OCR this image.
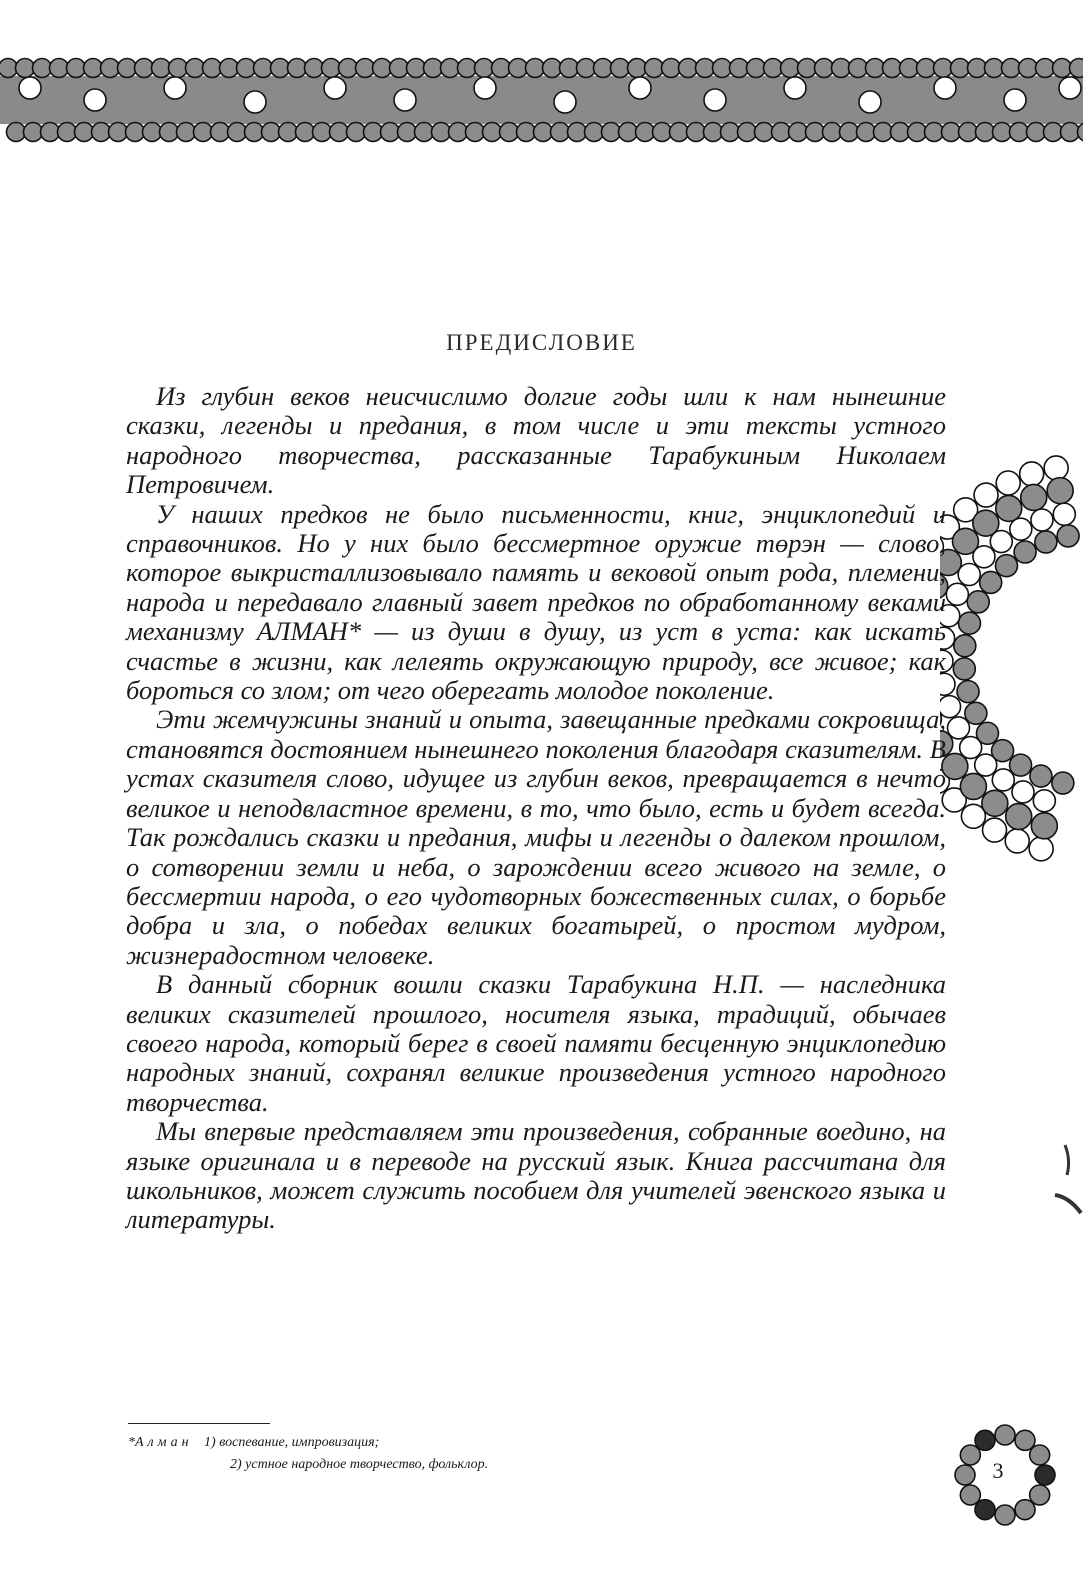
ПРЕДИСЛОВИЕ

Из глубин веков неисчислимо долгие годы шли к нам нынешние сказки, легенды и предания, в том числе и эти тексты устного народного творчества, рассказанные Тарабукиным Николаем Петровичем.

У наших предков не было письменности, книг, энциклопедий и справочников. Но у них было бессмертное оружие төрэн — слово, которое выкристаллизовывало память и вековой опыт рода, племени, народа и передавало главный завет предков по обработанному веками механизму АЛМАН* — из души в душу, из уст в уста: как искать счастье в жизни, как лелеять окружающую природу, все живое; как бороться со злом; от чего оберегать молодое поколение.

Эти жемчужины знаний и опыта, завещанные предками сокровища, становятся достоянием нынешнего поколения благодаря сказителям. В устах сказителя слово, идущее из глубин веков, превращается в нечто великое и неподвластное времени, в то, что было, есть и будет всегда. Так рождались сказки и предания, мифы и легенды о далеком прошлом, о сотворении земли и неба, о зарождении всего живого на земле, о бессмертии народа, о его чудотворных божественных силах, о борьбе добра и зла, о победах великих богатырей, о простом мудром, жизнерадостном человеке.

В данный сборник вошли сказки Тарабукина Н.П. — наследника великих сказителей прошлого, носителя языка, традиций, обычаев своего народа, который берег в своей памяти бесценную энциклопедию народных знаний, сохранял великие произведения устного народного творчества.

Мы впервые представляем эти произведения, собранные воедино, на языке оригинала и в переводе на русский язык. Книга рассчитана для школьников, может служить пособием для учителей эвенского языка и литературы.

*Алман 1) воспевание, импровизация;
2) устное народное творчество, фольклор.	3
